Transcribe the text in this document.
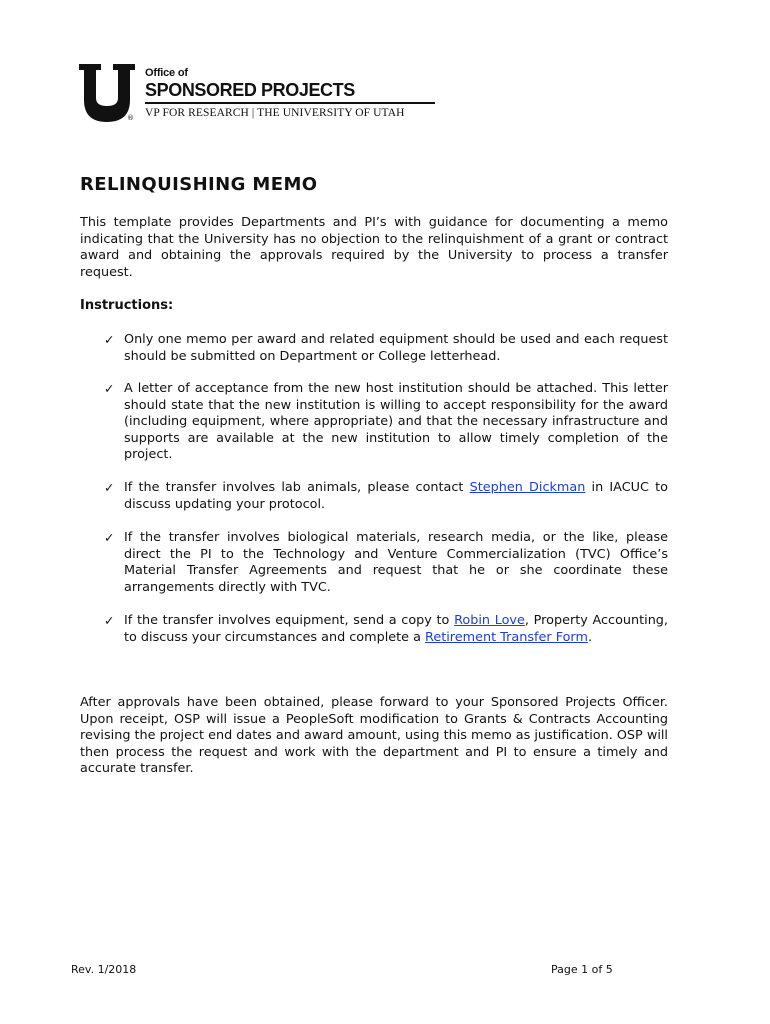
®
Office of
SPONSORED PROJECTS
VP FOR RESEARCH | THE UNIVERSITY OF UTAH
RELINQUISHING MEMO

This template provides Departments and PI’s with guidance for documenting a memo indicating that the University has no objection to the relinquishment of a grant or contract award and obtaining the approvals required by the University to process a transfer request.

Instructions:

✓ Only one memo per award and related equipment should be used and each request should be submitted on Department or College letterhead.

✓ A letter of acceptance from the new host institution should be attached. This letter should state that the new institution is willing to accept responsibility for the award (including equipment, where appropriate) and that the necessary infrastructure and supports are available at the new institution to allow timely completion of the project.

✓ If the transfer involves lab animals, please contact Stephen Dickman in IACUC to discuss updating your protocol.

✓ If the transfer involves biological materials, research media, or the like, please direct the PI to the Technology and Venture Commercialization (TVC) Office’s Material Transfer Agreements and request that he or she coordinate these arrangements directly with TVC.

✓ If the transfer involves equipment, send a copy to Robin Love, Property Accounting, to discuss your circumstances and complete a Retirement Transfer Form.

After approvals have been obtained, please forward to your Sponsored Projects Officer. Upon receipt, OSP will issue a PeopleSoft modification to Grants & Contracts Accounting revising the project end dates and award amount, using this memo as justification. OSP will then process the request and work with the department and PI to ensure a timely and accurate transfer.

Rev. 1/2018	Page 1 of 5
